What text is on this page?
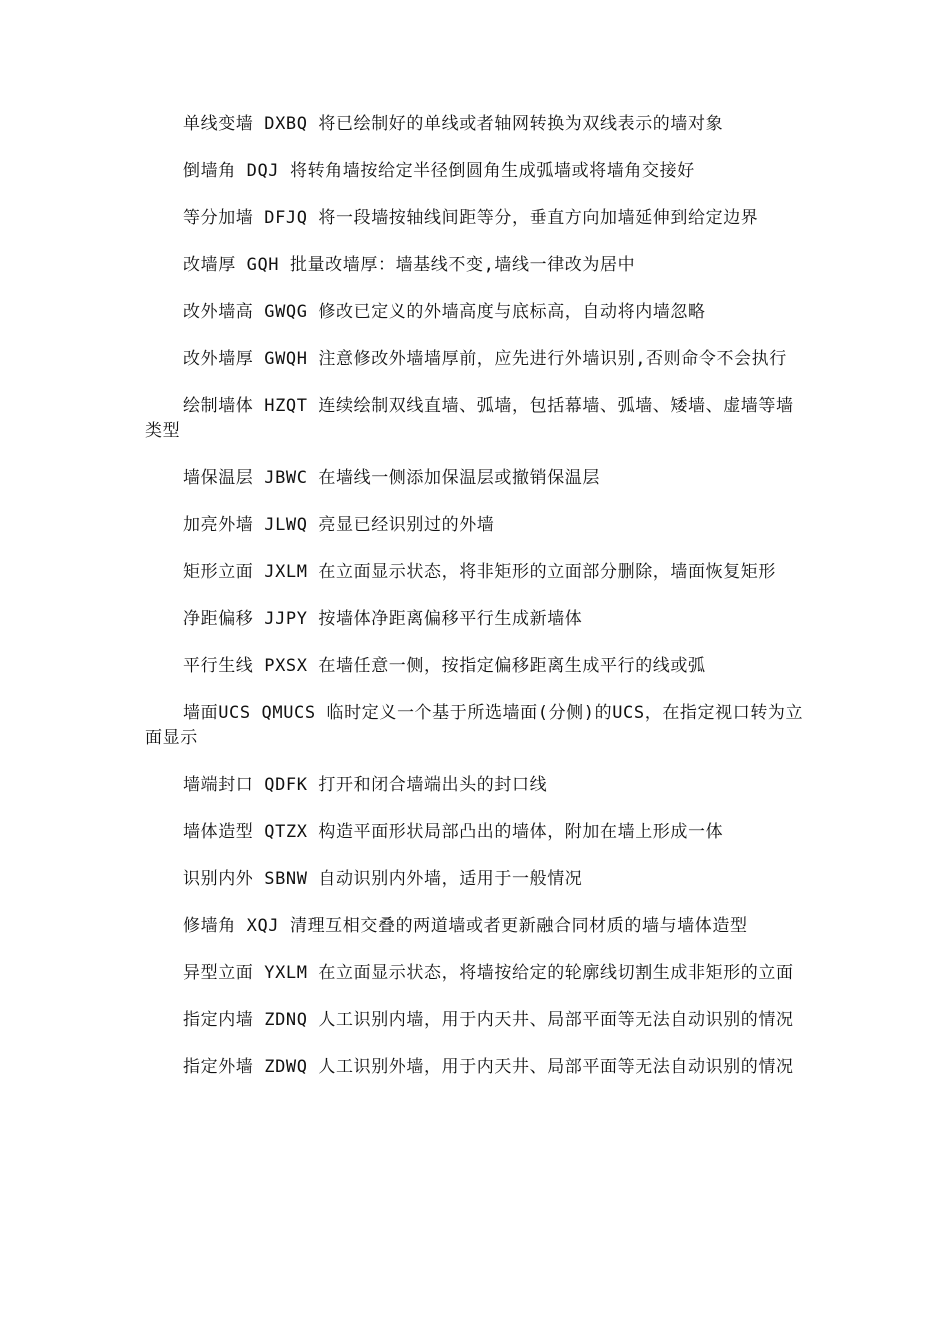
单线变墙 DXBQ 将已绘制好的单线或者轴网转换为双线表示的墙对象

倒墙角 DQJ 将转角墙按给定半径倒圆角生成弧墙或将墙角交接好

等分加墙 DFJQ 将一段墙按轴线间距等分，垂直方向加墙延伸到给定边界

改墙厚 GQH 批量改墙厚：墙基线不变,墙线一律改为居中

改外墙高 GWQG 修改已定义的外墙高度与底标高，自动将内墙忽略

改外墙厚 GWQH 注意修改外墙墙厚前，应先进行外墙识别,否则命令不会执行

绘制墙体 HZQT 连续绘制双线直墙、弧墙，包括幕墙、弧墙、矮墙、虚墙等墙类型

墙保温层 JBWC 在墙线一侧添加保温层或撤销保温层

加亮外墙 JLWQ 亮显已经识别过的外墙

矩形立面 JXLM 在立面显示状态，将非矩形的立面部分删除，墙面恢复矩形

净距偏移 JJPY 按墙体净距离偏移平行生成新墙体

平行生线 PXSX 在墙任意一侧，按指定偏移距离生成平行的线或弧

墙面UCS QMUCS 临时定义一个基于所选墙面(分侧)的UCS，在指定视口转为立面显示

墙端封口 QDFK 打开和闭合墙端出头的封口线

墙体造型 QTZX 构造平面形状局部凸出的墙体，附加在墙上形成一体

识别内外 SBNW 自动识别内外墙，适用于一般情况

修墙角 XQJ 清理互相交叠的两道墙或者更新融合同材质的墙与墙体造型

异型立面 YXLM 在立面显示状态，将墙按给定的轮廓线切割生成非矩形的立面

指定内墙 ZDNQ 人工识别内墙，用于内天井、局部平面等无法自动识别的情况

指定外墙 ZDWQ 人工识别外墙，用于内天井、局部平面等无法自动识别的情况
